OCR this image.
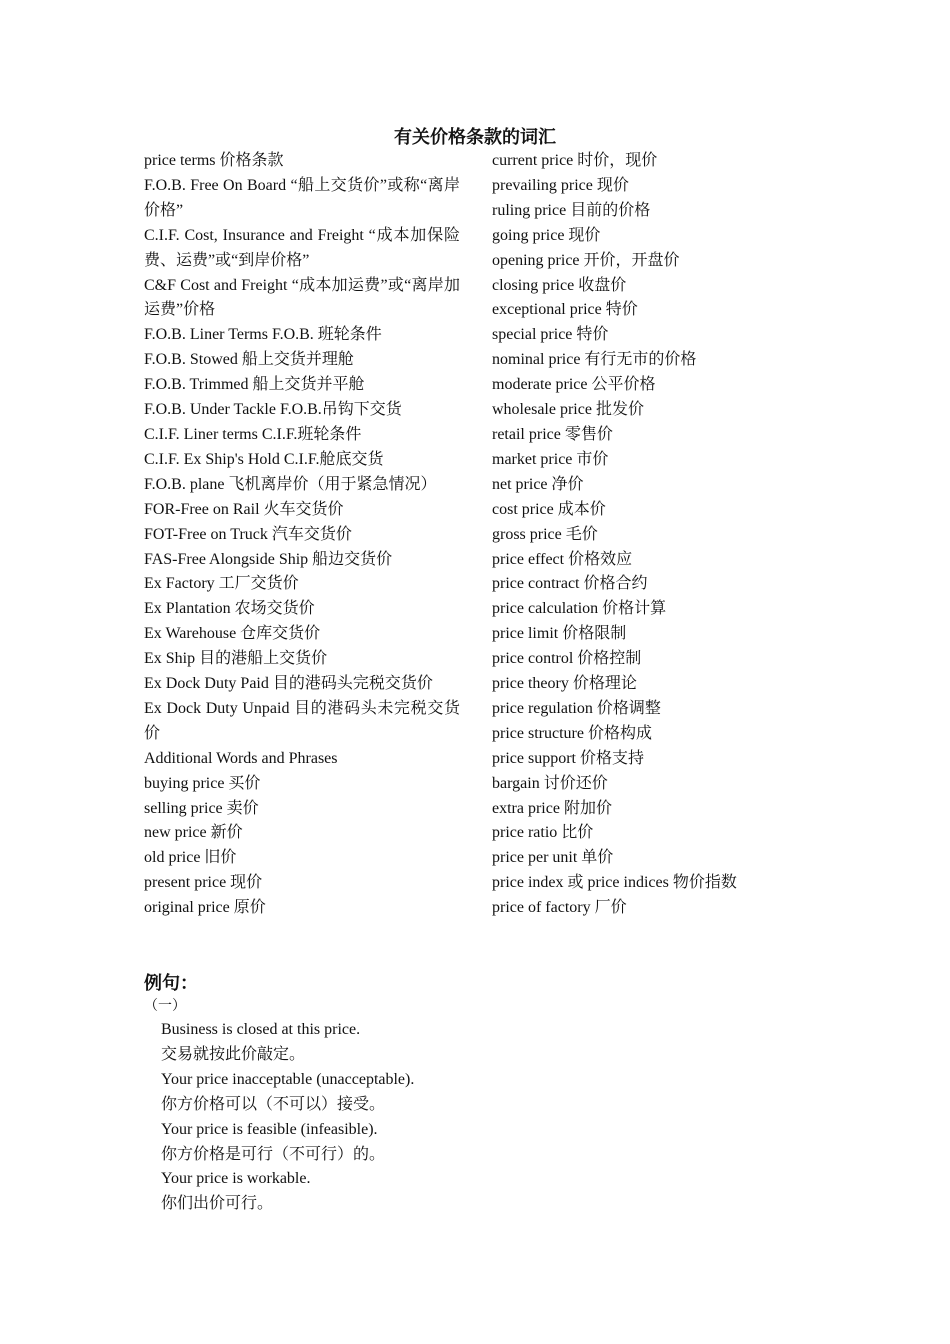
有关价格条款的词汇
price terms 价格条款
F.O.B. Free On Board “船上交货价”或称“离岸价格”
C.I.F. Cost, Insurance and Freight “成本加保险费、运费”或“到岸价格”
C&F Cost and Freight “成本加运费”或“离岸加运费”价格
F.O.B. Liner Terms F.O.B. 班轮条件
F.O.B. Stowed 船上交货并理舱
F.O.B. Trimmed 船上交货并平舱
F.O.B. Under Tackle F.O.B.吊钩下交货
C.I.F. Liner terms C.I.F.班轮条件
C.I.F. Ex Ship's Hold C.I.F.舱底交货
F.O.B. plane 飞机离岸价（用于紧急情况）
FOR-Free on Rail 火车交货价
FOT-Free on Truck 汽车交货价
FAS-Free Alongside Ship 船边交货价
Ex Factory 工厂交货价
Ex Plantation 农场交货价
Ex Warehouse 仓库交货价
Ex Ship 目的港船上交货价
Ex Dock Duty Paid 目的港码头完税交货价
Ex Dock Duty Unpaid 目的港码头未完税交货价
Additional Words and Phrases
buying price 买价
selling price 卖价
new price 新价
old price 旧价
present price 现价
original price 原价
current price 时价，现价
prevailing price 现价
ruling price 目前的价格
going price 现价
opening price 开价，开盘价
closing price 收盘价
exceptional price 特价
special price 特价
nominal price 有行无市的价格
moderate price 公平价格
wholesale price 批发价
retail price 零售价
market price 市价
net price 净价
cost price 成本价
gross price 毛价
price effect 价格效应
price contract 价格合约
price calculation 价格计算
price limit 价格限制
price control 价格控制
price theory 价格理论
price regulation 价格调整
price structure 价格构成
price support 价格支持
bargain 讨价还价
extra price 附加价
price ratio 比价
price per unit 单价
price index 或 price indices 物价指数
price of factory 厂价
例句：
（一）
Business is closed at this price.
交易就按此价敲定。
Your price inacceptable (unacceptable).
你方价格可以（不可以）接受。
Your price is feasible (infeasible).
你方价格是可行（不可行）的。
Your price is workable.
你们出价可行。
